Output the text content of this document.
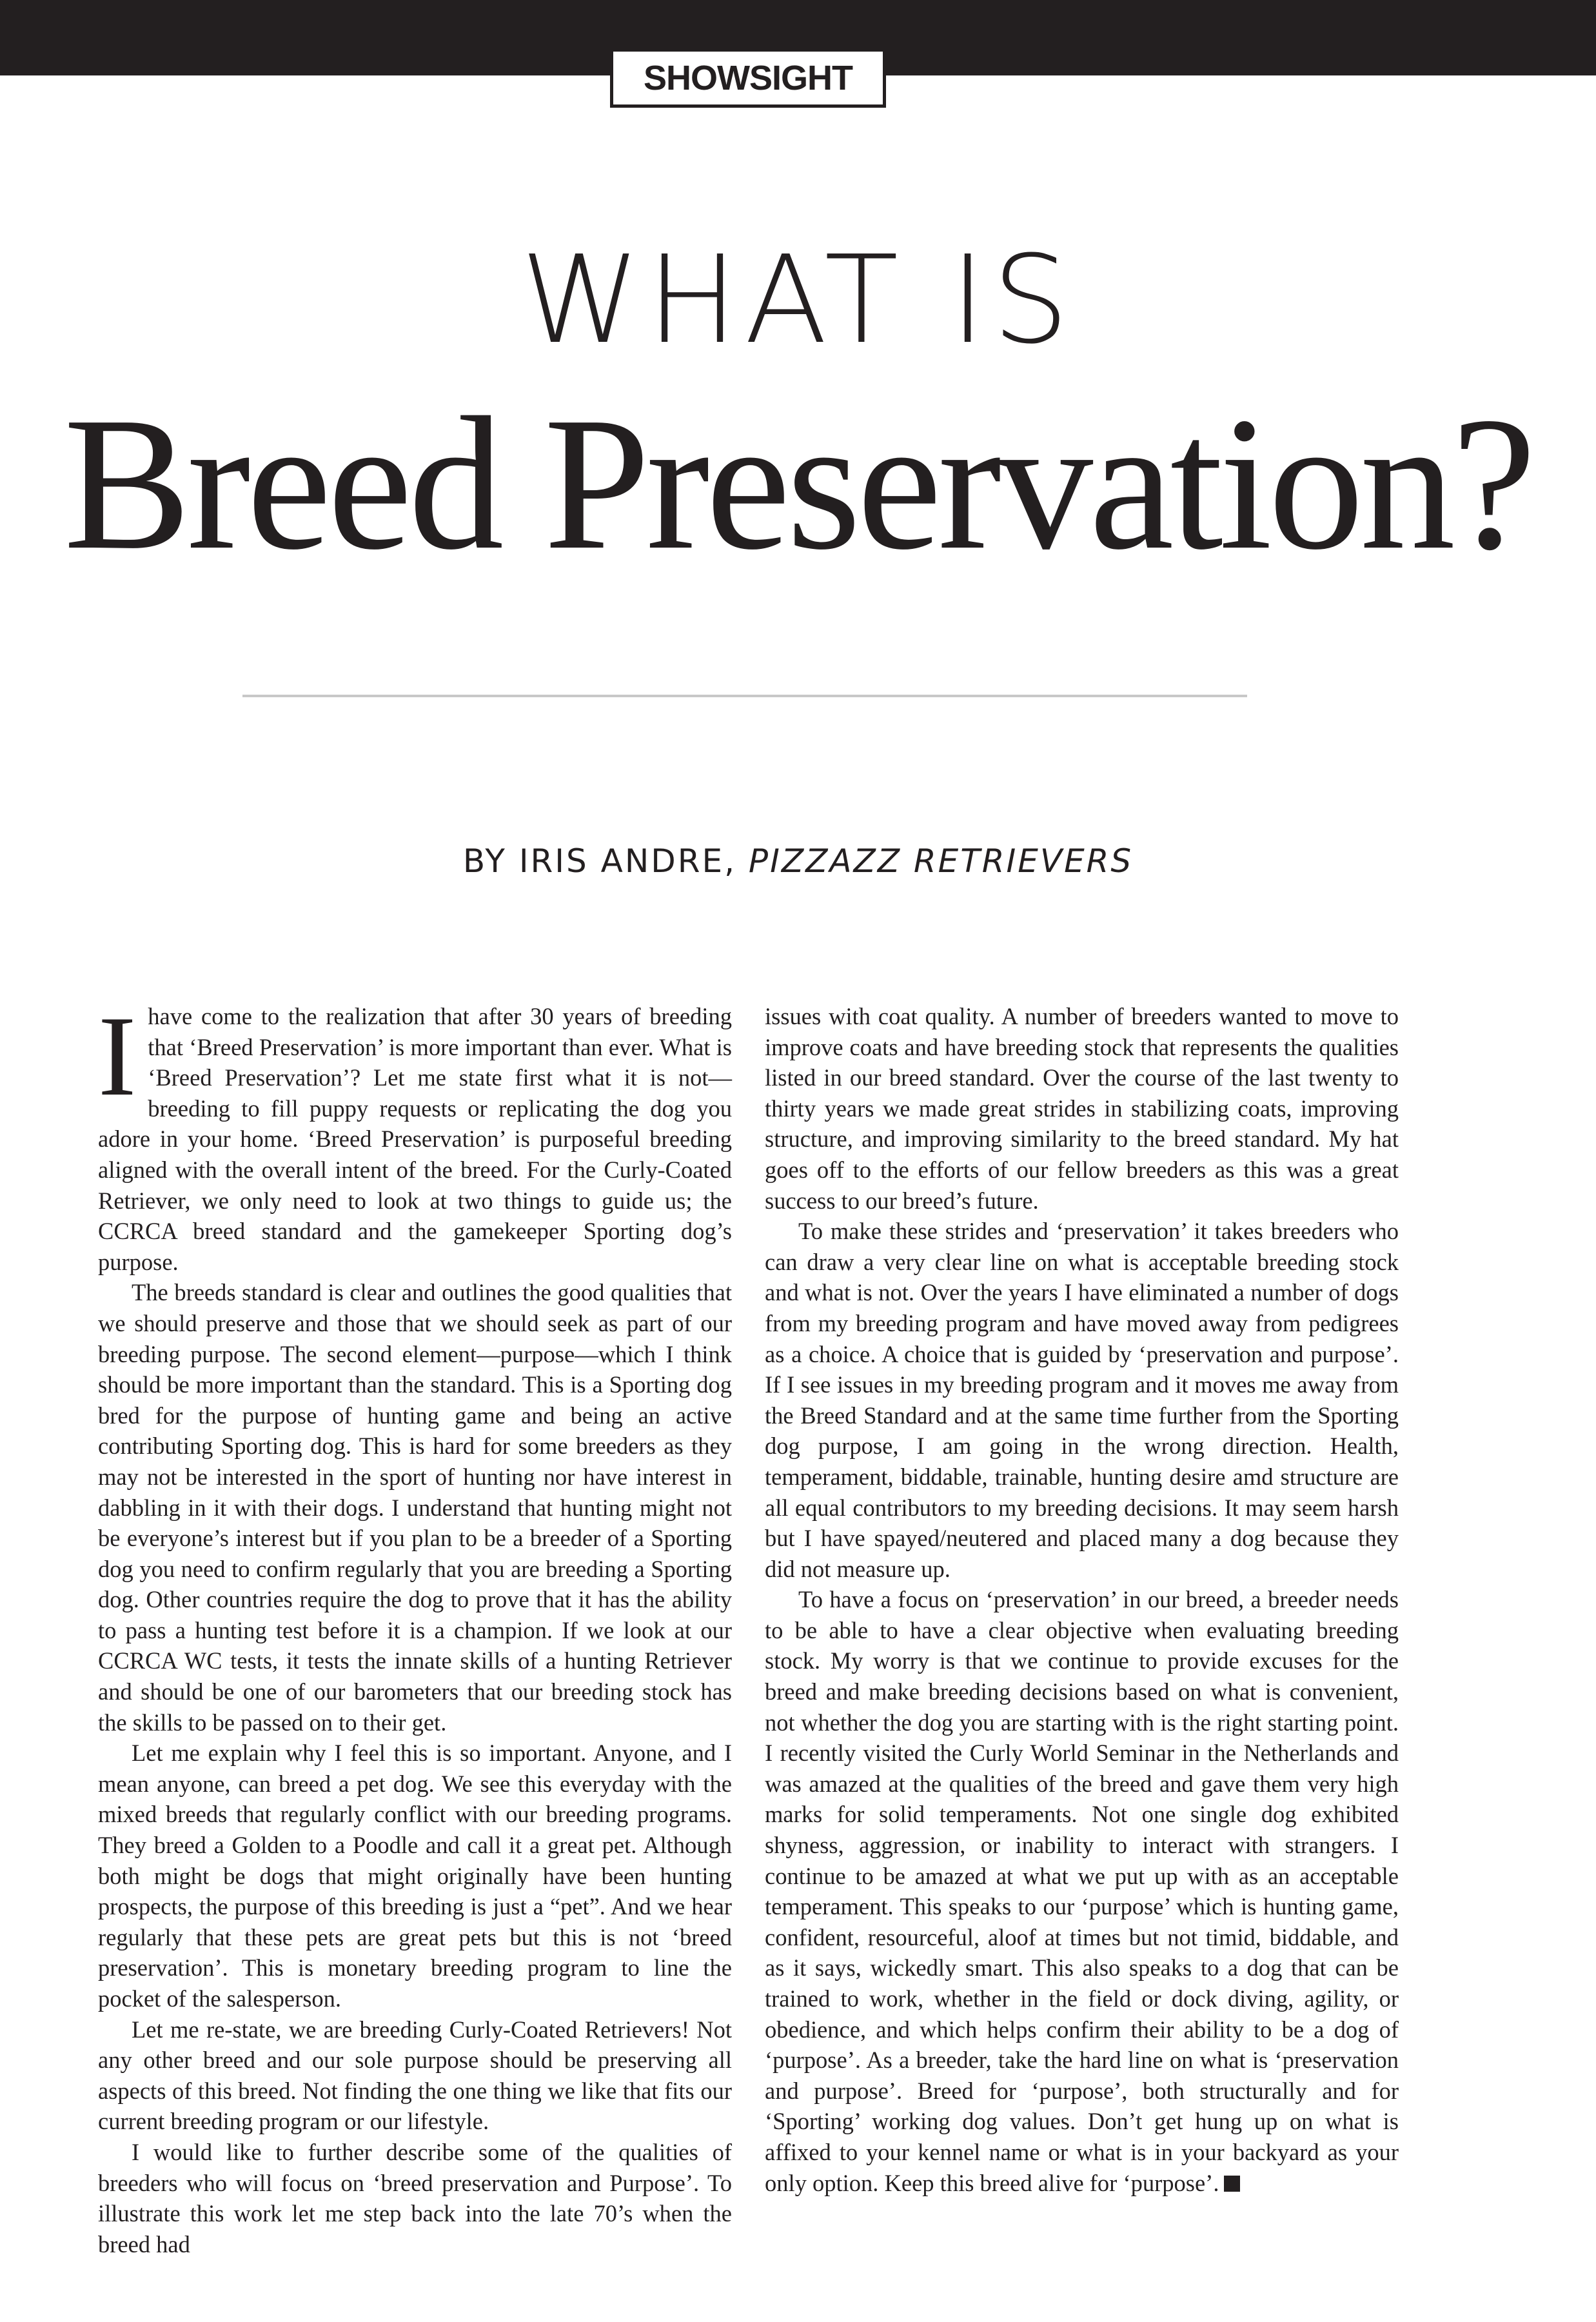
SHOWSIGHT
WHAT IS
Breed Preservation?
BY IRIS ANDRE, PIZZAZZ RETRIEVERS

Ihave come to the realization that after 30 years of breeding that ‘Breed Preservation’ is more important than ever. What is ‘Breed Preservation’? Let me state first what it is not—breeding to fill puppy requests or replicating the dog you adore in your home. ‘Breed Preservation’ is purposeful breeding aligned with the overall intent of the breed. For the Curly-Coated Retriever, we only need to look at two things to guide us; the CCRCA breed standard and the gamekeeper Sporting dog’s purpose.

The breeds standard is clear and outlines the good qualities that we should preserve and those that we should seek as part of our breeding purpose. The second element—purpose—which I think should be more important than the standard. This is a Sporting dog bred for the purpose of hunting game and being an active contributing Sporting dog. This is hard for some breeders as they may not be interested in the sport of hunting nor have interest in dabbling in it with their dogs. I understand that hunting might not be everyone’s interest but if you plan to be a breeder of a Sporting dog you need to confirm regularly that you are breeding a Sporting dog. Other countries require the dog to prove that it has the ability to pass a hunting test before it is a champion. If we look at our CCRCA WC tests, it tests the innate skills of a hunting Retriever and should be one of our barometers that our breeding stock has the skills to be passed on to their get.

Let me explain why I feel this is so important. Anyone, and I mean anyone, can breed a pet dog. We see this everyday with the mixed breeds that regularly conflict with our breeding programs. They breed a Golden to a Poodle and call it a great pet. Although both might be dogs that might originally have been hunting prospects, the purpose of this breeding is just a “pet”. And we hear regularly that these pets are great pets but this is not ‘breed preservation’. This is monetary breeding program to line the pocket of the salesperson.

Let me re-state, we are breeding Curly-Coated Retrievers! Not any other breed and our sole purpose should be preserving all aspects of this breed. Not finding the one thing we like that fits our current breeding program or our lifestyle.

I would like to further describe some of the qualities of breeders who will focus on ‘breed preservation and Purpose’. To illustrate this work let me step back into the late 70’s when the breed had

issues with coat quality. A number of breeders wanted to move to improve coats and have breeding stock that represents the qualities listed in our breed standard. Over the course of the last twenty to thirty years we made great strides in stabilizing coats, improving structure, and improving similarity to the breed standard. My hat goes off to the efforts of our fellow breeders as this was a great success to our breed’s future.

To make these strides and ‘preservation’ it takes breeders who can draw a very clear line on what is acceptable breeding stock and what is not. Over the years I have eliminated a number of dogs from my breeding program and have moved away from pedigrees as a choice. A choice that is guided by ‘preservation and purpose’. If I see issues in my breeding program and it moves me away from the Breed Standard and at the same time further from the Sporting dog purpose, I am going in the wrong direction. Health, temperament, biddable, trainable, hunting desire amd structure are all equal contributors to my breeding decisions. It may seem harsh but I have spayed/neutered and placed many a dog because they did not measure up.

To have a focus on ‘preservation’ in our breed, a breeder needs to be able to have a clear objective when evaluating breeding stock. My worry is that we continue to provide excuses for the breed and make breeding decisions based on what is convenient, not whether the dog you are starting with is the right starting point. I recently visited the Curly World Seminar in the Netherlands and was amazed at the qualities of the breed and gave them very high marks for solid temperaments. Not one single dog exhibited shyness, aggression, or inability to interact with strangers. I continue to be amazed at what we put up with as an acceptable temperament. This speaks to our ‘purpose’ which is hunting game, confident, resourceful, aloof at times but not timid, biddable, and as it says, wickedly smart. This also speaks to a dog that can be trained to work, whether in the field or dock diving, agility, or obedience, and which helps confirm their ability to be a dog of ‘purpose’. As a breeder, take the hard line on what is ‘preservation and purpose’. Breed for ‘purpose’, both structurally and for ‘Sporting’ working dog values. Don’t get hung up on what is affixed to your kennel name or what is in your backyard as your only option. Keep this breed alive for ‘purpose’.
